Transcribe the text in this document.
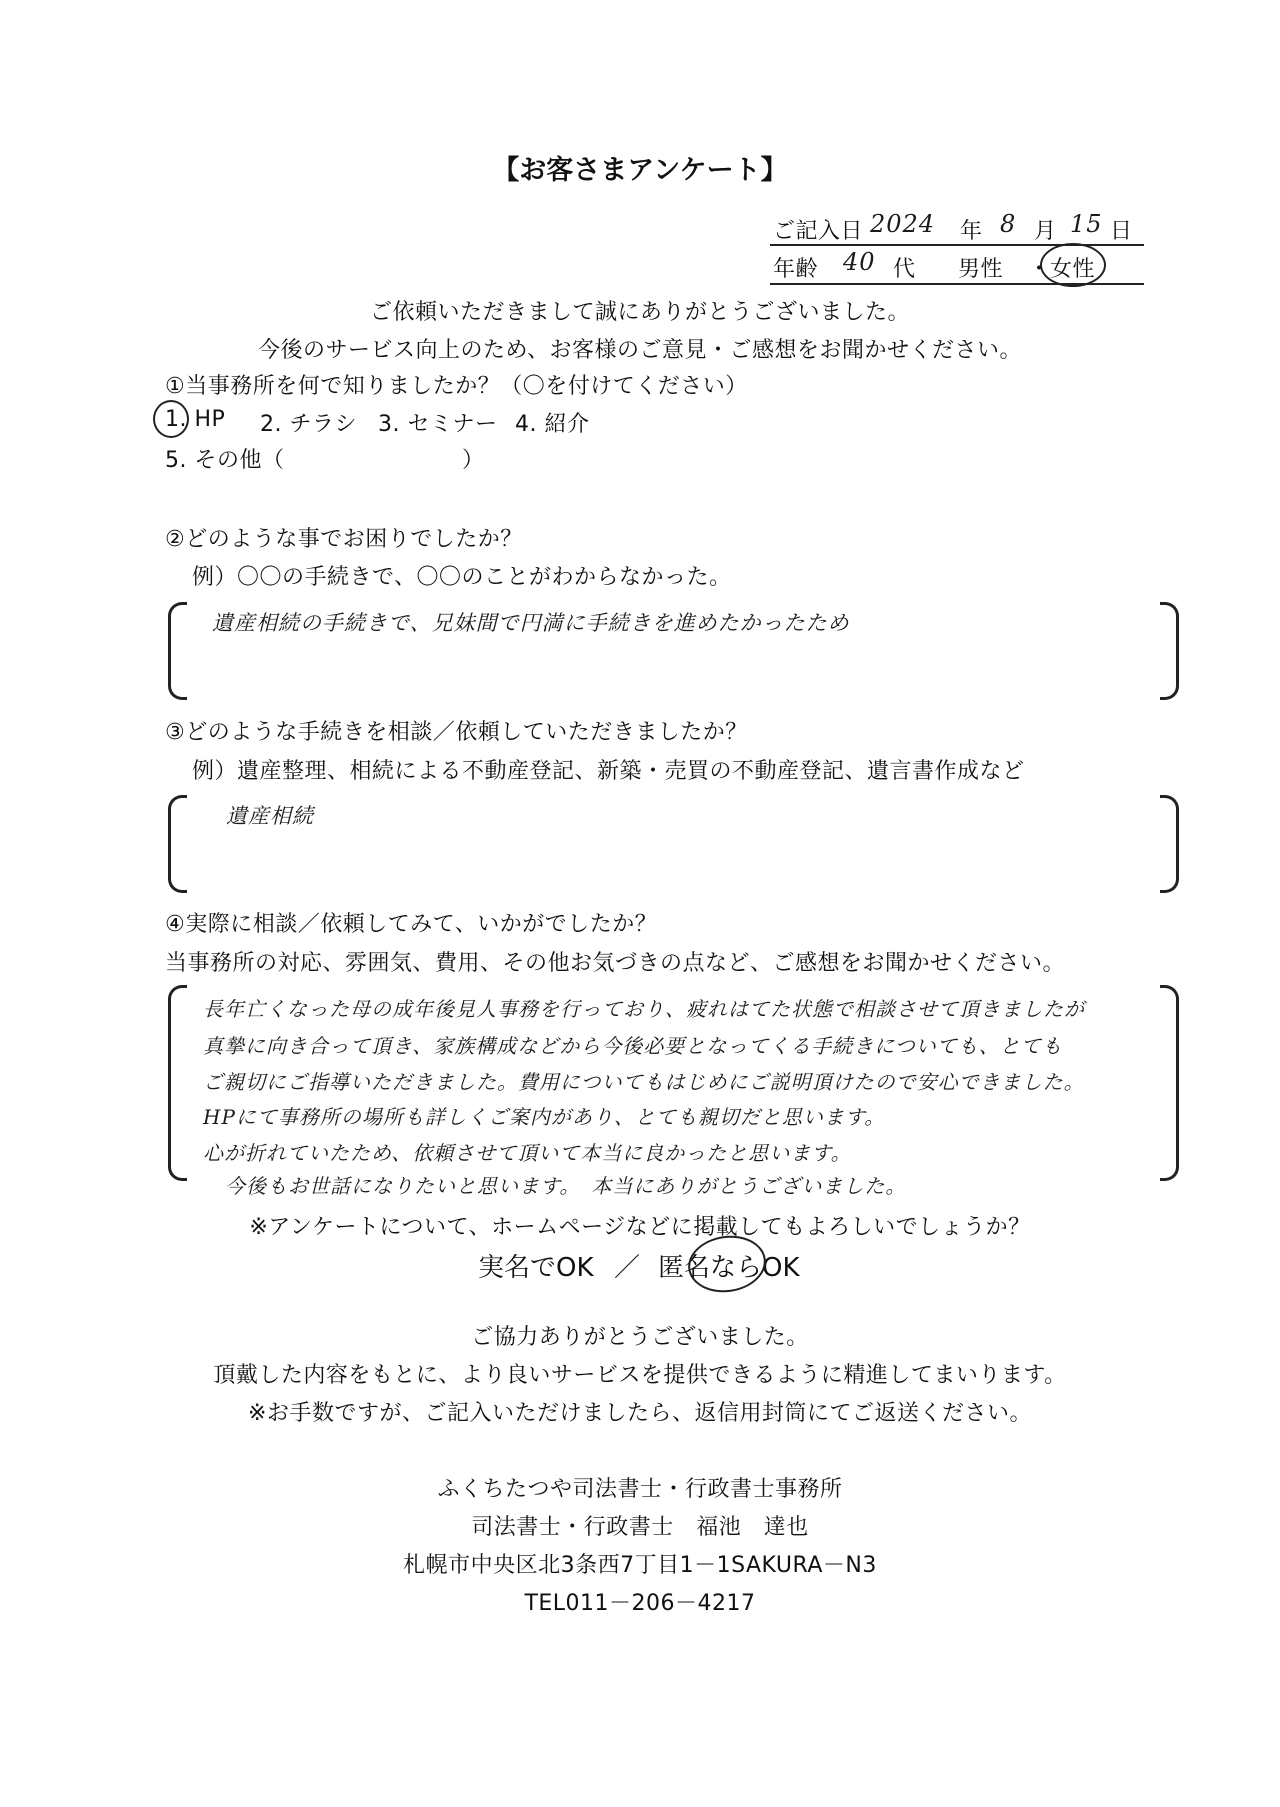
【お客さまアンケート】
ご記入日 2024 年 8 月 15 日
年齢 40 代 男性 ・ 女性
ご依頼いただきまして誠にありがとうございました。
今後のサービス向上のため、お客様のご意見・ご感想をお聞かせください。
①当事務所を何で知りましたか？（〇を付けてください）
1. HP 2. チラシ 3. セミナー 4. 紹介
5. その他（	）
②どのような事でお困りでしたか？
例）〇〇の手続きで、〇〇のことがわからなかった。
遺産相続の手続きで、兄妹間で円満に手続きを進めたかったため
③どのような手続きを相談／依頼していただきましたか？
例）遺産整理、相続による不動産登記、新築・売買の不動産登記、遺言書作成など
遺産相続
④実際に相談／依頼してみて、いかがでしたか？
当事務所の対応、雰囲気、費用、その他お気づきの点など、ご感想をお聞かせください。
長年亡くなった母の成年後見人事務を行っており、疲れはてた状態で相談させて頂きましたが
真摯に向き合って頂き、家族構成などから今後必要となってくる手続きについても、とても
ご親切にご指導いただきました。費用についてもはじめにご説明頂けたので安心できました。
HPにて事務所の場所も詳しくご案内があり、とても親切だと思います。
心が折れていたため、依頼させて頂いて本当に良かったと思います。
今後もお世話になりたいと思います。　本当にありがとうございました。
※アンケートについて、ホームページなどに掲載してもよろしいでしょうか？
実名でOK ／ 匿名ならOK
ご協力ありがとうございました。
頂戴した内容をもとに、より良いサービスを提供できるように精進してまいります。
※お手数ですが、ご記入いただけましたら、返信用封筒にてご返送ください。
ふくちたつや司法書士・行政書士事務所
司法書士・行政書士　福池　達也
札幌市中央区北3条西7丁目1－1SAKURA－N3
TEL011－206－4217
